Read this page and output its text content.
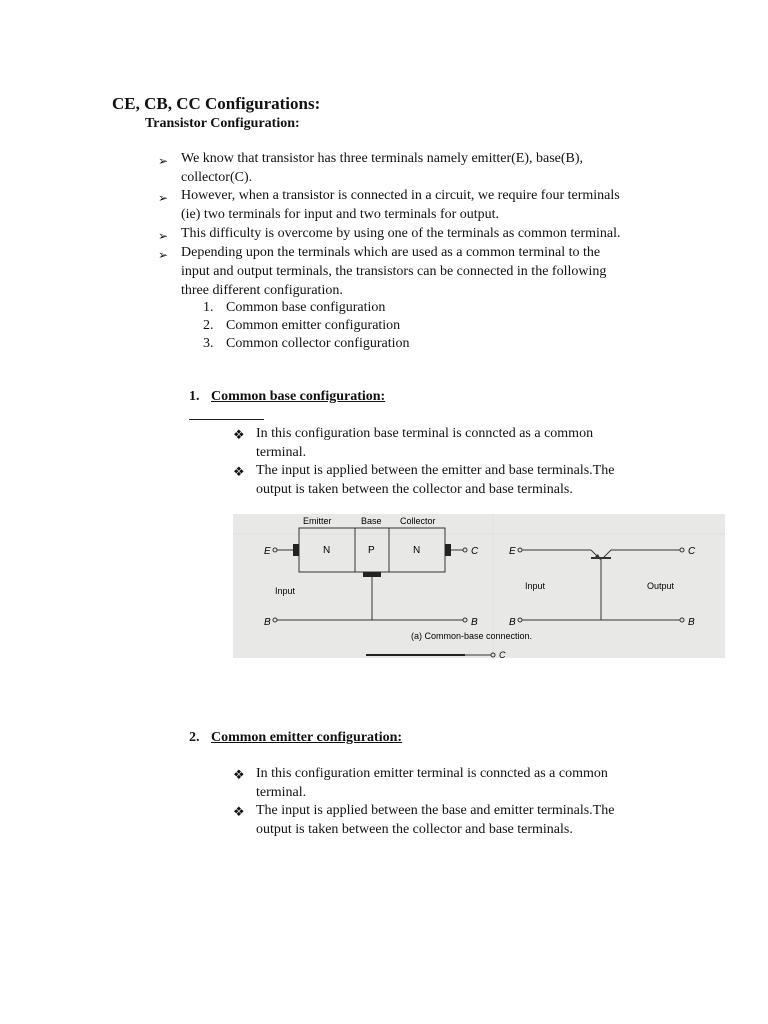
CE, CB, CC Configurations:
Transistor Configuration:
➢ We know that transistor has three terminals namely emitter(E), base(B),
collector(C).
➢ However, when a transistor is connected in a circuit, we require four terminals
(ie) two terminals for input and two terminals for output.
➢ This difficulty is overcome by using one of the terminals as common terminal.
➢ Depending upon the terminals which are used as a common terminal to the
input and output terminals, the transistors can be connected in the following
three different configuration.
1. Common base configuration
2. Common emitter configuration
3. Common collector configuration
1. Common base configuration:
❖ In this configuration base terminal is conncted as a common
terminal.
❖ The input is applied between the emitter and base terminals.The
output is taken between the collector and base terminals.
Emitter	Base Collector
N	P	N
E	C
Input
B	B
E	C
Input	Output
B	B
(a) Common-base connection.
C
2. Common emitter configuration:
❖ In this configuration emitter terminal is conncted as a common
terminal.
❖ The input is applied between the base and emitter terminals.The
output is taken between the collector and base terminals.
